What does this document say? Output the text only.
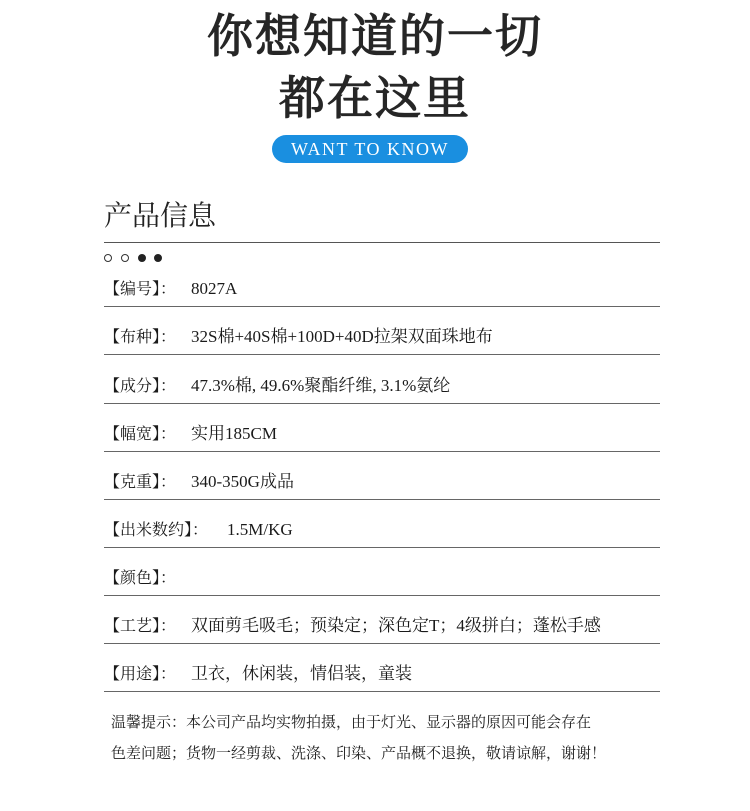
你想知道的一切
都在这里
WANT TO KNOW
产品信息
【编号】： 8027A
【布种】： 32S棉+40S棉+100D+40D拉架双面珠地布
【成分】： 47.3%棉, 49.6%聚酯纤维, 3.1%氨纶
【幅宽】： 实用185CM
【克重】： 340-350G成品
【出米数约】： 1.5M/KG
【颜色】：
【工艺】： 双面剪毛吸毛；预染定；深色定T；4级拼白；蓬松手感
【用途】： 卫衣，休闲装，情侣装，童装
温馨提示：本公司产品均实物拍摄，由于灯光、显示器的原因可能会存在
色差问题；货物一经剪裁、洗涤、印染、产品概不退换，敬请谅解，谢谢！
